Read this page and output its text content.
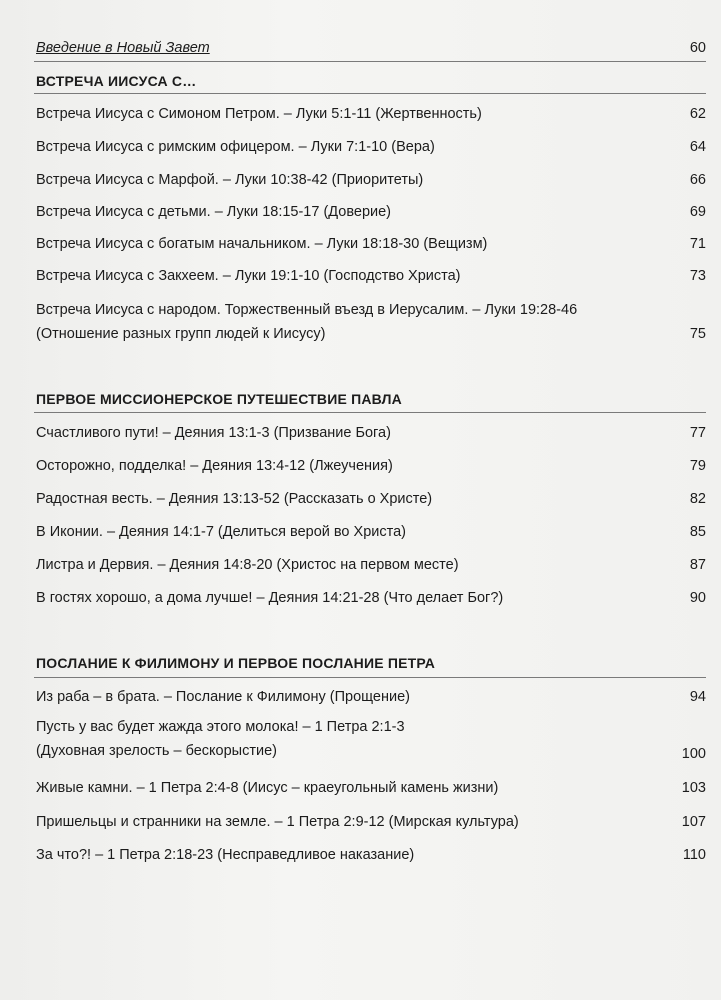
Введение в Новый Завет	60
ВСТРЕЧА ИИСУСА С…
Встреча Иисуса с Симоном Петром. – Луки 5:1-11 (Жертвенность)	62
Встреча Иисуса с римским офицером. – Луки 7:1-10 (Вера)	64
Встреча Иисуса с Марфой. – Луки 10:38-42 (Приоритеты)	66
Встреча Иисуса с детьми. – Луки 18:15-17 (Доверие)	69
Встреча Иисуса с богатым начальником. – Луки 18:18-30 (Вещизм)	71
Встреча Иисуса с Закхеем. – Луки 19:1-10 (Господство Христа)	73
Встреча Иисуса с народом. Торжественный въезд в Иерусалим. – Луки 19:28-46
(Отношение разных групп людей к Иисусу)	75
ПЕРВОЕ МИССИОНЕРСКОЕ ПУТЕШЕСТВИЕ ПАВЛА
Счастливого пути! – Деяния 13:1-3 (Призвание Бога)	77
Осторожно, подделка! – Деяния 13:4-12 (Лжеучения)	79
Радостная весть. – Деяния 13:13-52 (Рассказать о Христе)	82
В Иконии. – Деяния 14:1-7 (Делиться верой во Христа)	85
Листра и Дервия. – Деяния 14:8-20 (Христос на первом месте)	87
В гостях хорошо, а дома лучше! – Деяния 14:21-28 (Что делает Бог?)	90
ПОСЛАНИЕ К ФИЛИМОНУ И ПЕРВОЕ ПОСЛАНИЕ ПЕТРА
Из раба – в брата. – Послание к Филимону (Прощение)	94
Пусть у вас будет жажда этого молока! – 1 Петра 2:1-3
(Духовная зрелость – бескорыстие)	100
Живые камни. – 1 Петра 2:4-8 (Иисус – краеугольный камень жизни)	103
Пришельцы и странники на земле. – 1 Петра 2:9-12 (Мирская культура)	107
За что?! – 1 Петра 2:18-23 (Несправедливое наказание)	110
